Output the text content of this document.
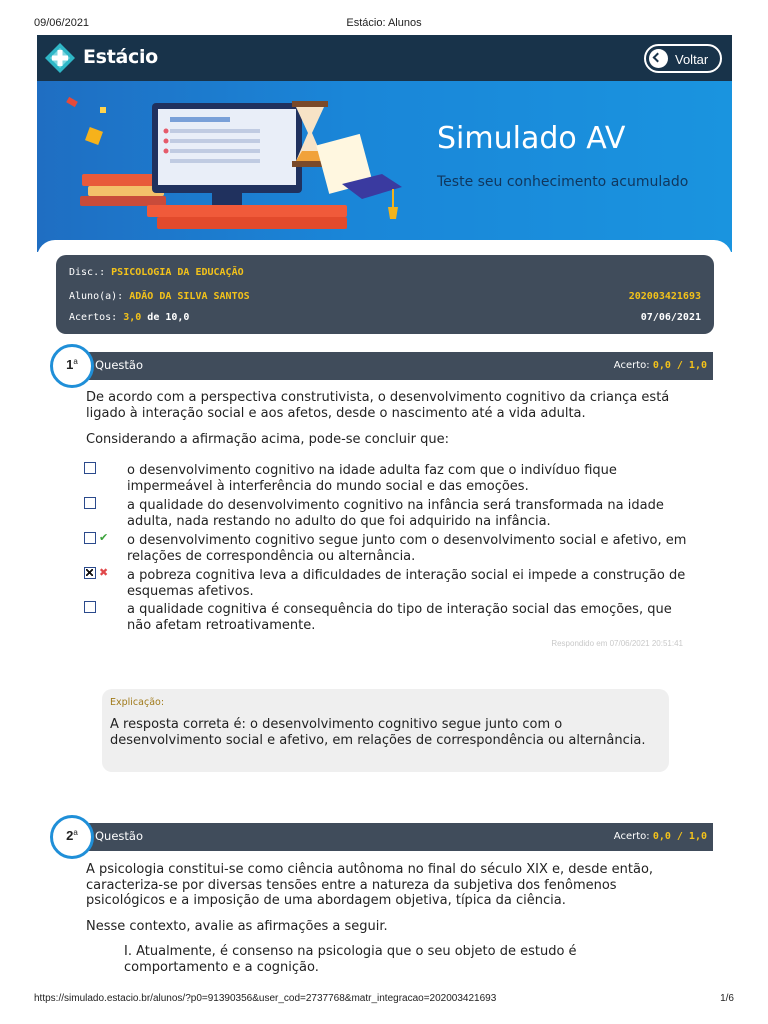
09/06/2021	Estácio: Alunos
Estácio	Voltar
Simulado AV
Teste seu conhecimento acumulado
Disc.: PSICOLOGIA DA EDUCAÇÃO
Aluno(a): ADÃO DA SILVA SANTOS	202003421693
Acertos: 3,0 de 10,0	07/06/2021
Questão	Acerto: 0,0 / 1,0
1$^a$
De acordo com a perspectiva construtivista, o desenvolvimento cognitivo da criança está ligado à interação social e aos afetos, desde o nascimento até a vida adulta.
Considerando a afirmação acima, pode-se concluir que:
o desenvolvimento cognitivo na idade adulta faz com que o indivíduo fique impermeável à interferência do mundo social e das emoções.
a qualidade do desenvolvimento cognitivo na infância será transformada na idade adulta, nada restando no adulto do que foi adquirido na infância.
✔ o desenvolvimento cognitivo segue junto com o desenvolvimento social e afetivo, em relações de correspondência ou alternância.
✖ a pobreza cognitiva leva a dificuldades de interação social ei impede a construção de esquemas afetivos.
a qualidade cognitiva é consequência do tipo de interação social das emoções, que não afetam retroativamente.
Respondido em 07/06/2021 20:51:41
Explicação:
A resposta correta é: o desenvolvimento cognitivo segue junto com o desenvolvimento social e afetivo, em relações de correspondência ou alternância.
Questão	Acerto: 0,0 / 1,0
2$^a$
A psicologia constitui-se como ciência autônoma no final do século XIX e, desde então, caracteriza-se por diversas tensões entre a natureza da subjetiva dos fenômenos psicológicos e a imposição de uma abordagem objetiva, típica da ciência.
Nesse contexto, avalie as afirmações a seguir.
I. Atualmente, é consenso na psicologia que o seu objeto de estudo é comportamento e a cognição.
https://simulado.estacio.br/alunos/?p0=91390356&user_cod=2737768&matr_integracao=202003421693	1/6
